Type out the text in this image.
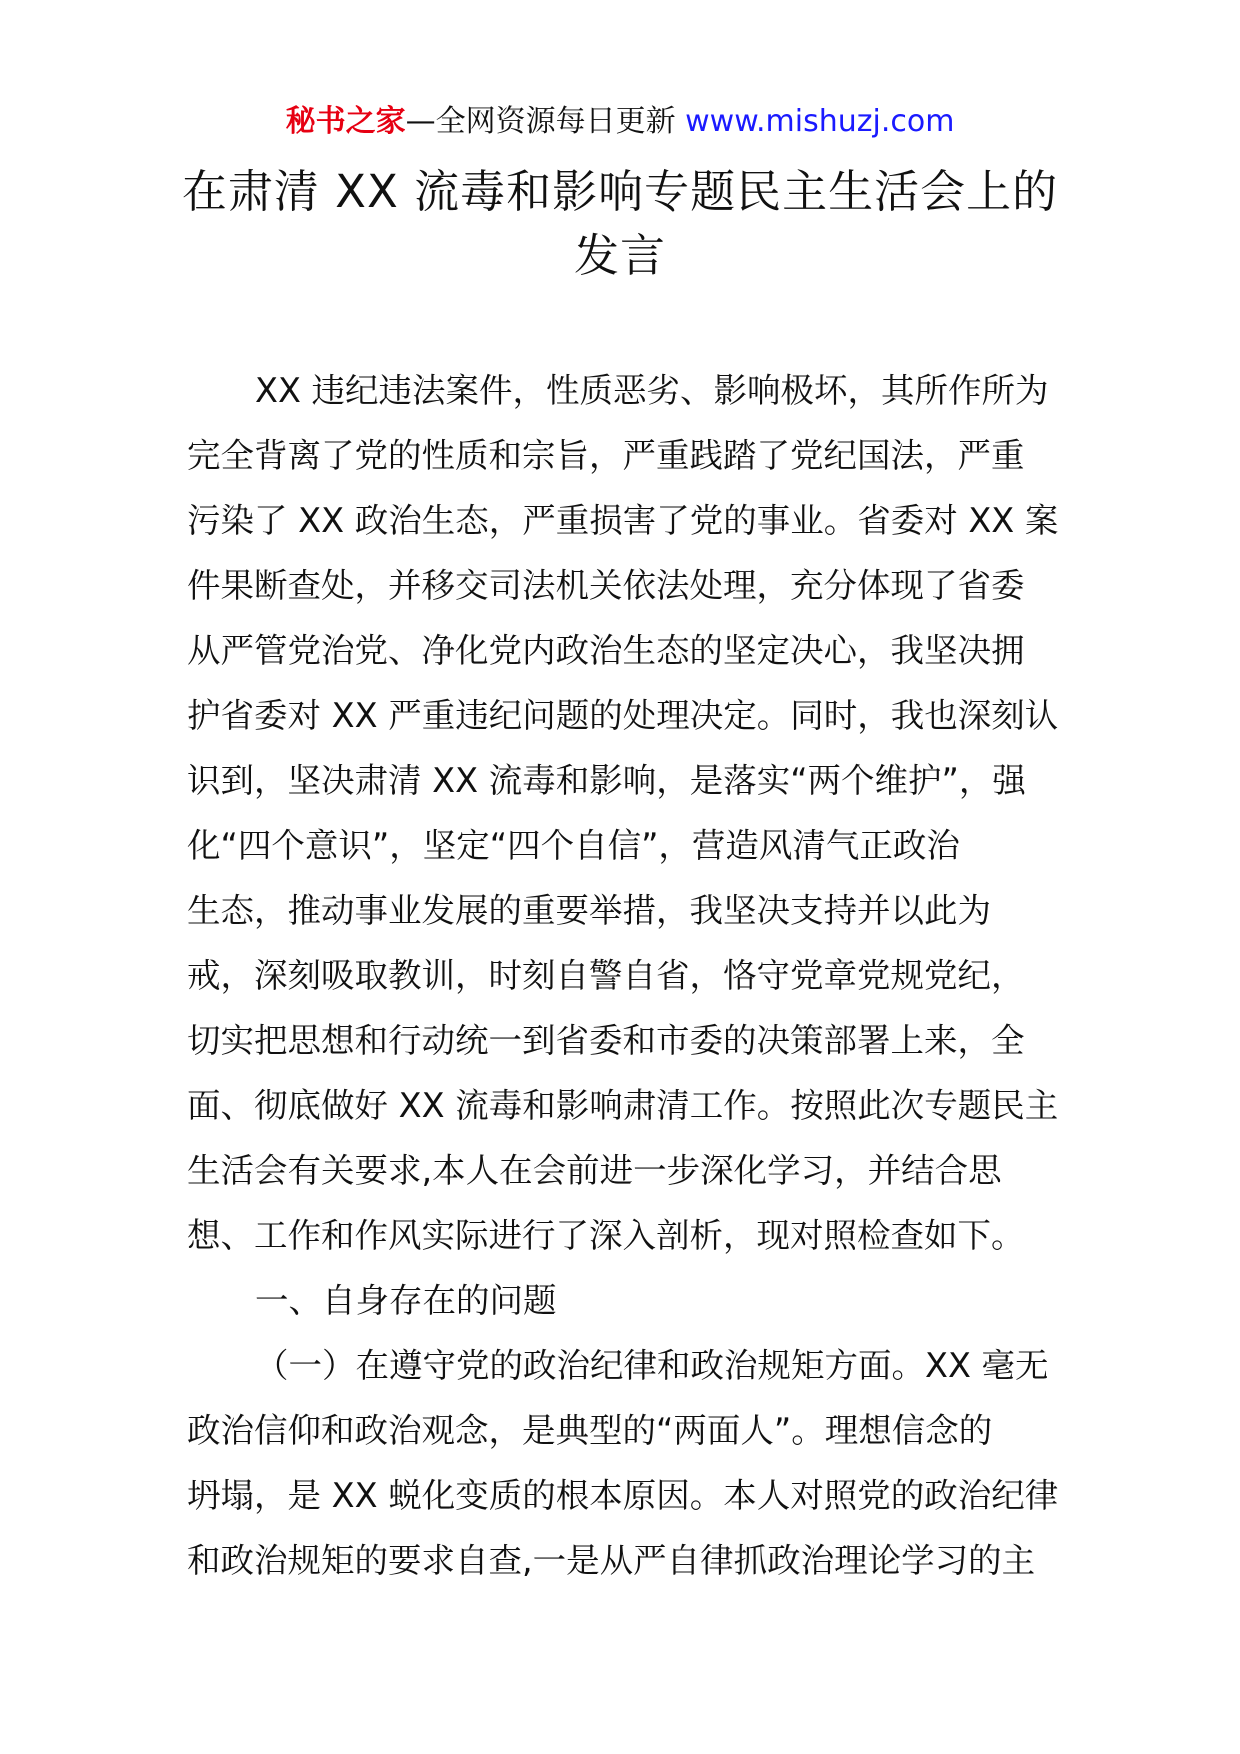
秘书之家—全网资源每日更新 www.mishuzj.com
在肃清 XX 流毒和影响专题民主生活会上的
发言
XX 违纪违法案件，性质恶劣、影响极坏，其所作所为
完全背离了党的性质和宗旨，严重践踏了党纪国法，严重
污染了 XX 政治生态，严重损害了党的事业。省委对 XX 案
件果断查处，并移交司法机关依法处理，充分体现了省委
从严管党治党、净化党内政治生态的坚定决心，我坚决拥
护省委对 XX 严重违纪问题的处理决定。同时，我也深刻认
识到，坚决肃清 XX 流毒和影响，是落实“两个维护”，强
化“四个意识”，坚定“四个自信”，营造风清气正政治
生态，推动事业发展的重要举措，我坚决支持并以此为
戒，深刻吸取教训，时刻自警自省，恪守党章党规党纪，
切实把思想和行动统一到省委和市委的决策部署上来，全
面、彻底做好 XX 流毒和影响肃清工作。按照此次专题民主
生活会有关要求,本人在会前进一步深化学习，并结合思
想、工作和作风实际进行了深入剖析，现对照检查如下。
一、自身存在的问题
（一）在遵守党的政治纪律和政治规矩方面。XX 毫无
政治信仰和政治观念，是典型的“两面人”。理想信念的
坍塌，是 XX 蜕化变质的根本原因。本人对照党的政治纪律
和政治规矩的要求自查,一是从严自律抓政治理论学习的主
